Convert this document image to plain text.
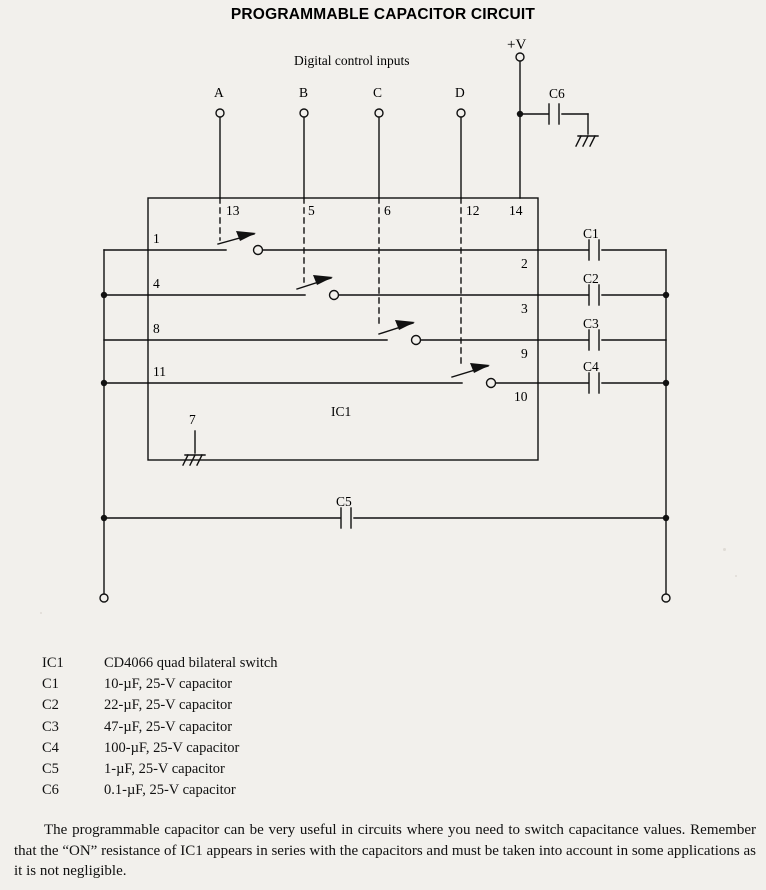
PROGRAMMABLE CAPACITOR CIRCUIT
Digital control inputs
+V
A	B	C	D	C6
13	5	6	12 14
1
4
8
11
2
3
9
10
7
IC1
C1
C2
C3
C4
C5
IC1	CD4066 quad bilateral switch
C1	10-µF, 25-V capacitor
C2	22-µF, 25-V capacitor
C3	47-µF, 25-V capacitor
C4	100-µF, 25-V capacitor
C5	1-µF, 25-V capacitor
C6	0.1-µF, 25-V capacitor
The programmable capacitor can be very useful in circuits where you need to switch capacitance values. Remember that the “ON” resistance of IC1 appears in series with the capacitors and must be taken into account in some applications as it is not negligible.
